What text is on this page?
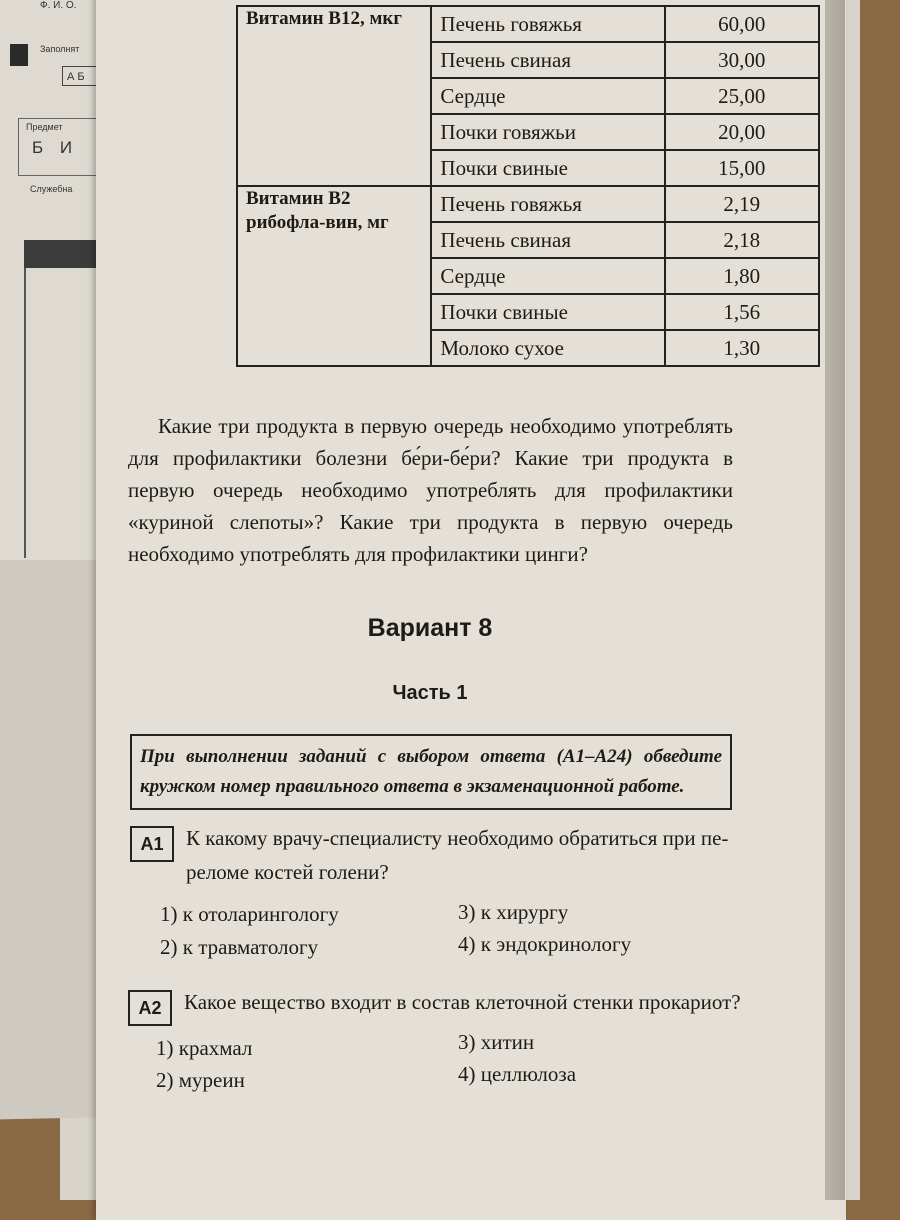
Ф. И. О.
Заполнят
А Б
Предмет
Б И
Служебна
Витамин В12, мкг	Печень говяжья	60,00
	Печень свиная	30,00
	Сердце	25,00
	Почки говяжьи	20,00
	Почки свиные	15,00
Витамин В2 рибофла-вин, мг	Печень говяжья	2,19
	Печень свиная	2,18
	Сердце	1,80
	Почки свиные	1,56
	Молоко сухое	1,30
Какие три продукта в первую очередь необходимо употреблять для профилактики болезни бе́ри-бе́ри? Какие три продукта в первую очередь необходимо употреблять для профилактики «куриной слепоты»? Какие три продукта в первую очередь необходимо употреблять для профилактики цинги?
Вариант 8
Часть 1
При выполнении заданий с выбором ответа (А1–А24) обведите кружком номер правильного ответа в экзаменационной работе.
А1	К какому врачу-специалисту необходимо обратиться при пе-
реломе костей голени?
1) к отоларингологу
2) к травматологу
3) к хирургу
4) к эндокринологу
А2	Какое вещество входит в состав клеточной стенки прокариот?
1) крахмал
2) муреин
3) хитин
4) целлюлоза
